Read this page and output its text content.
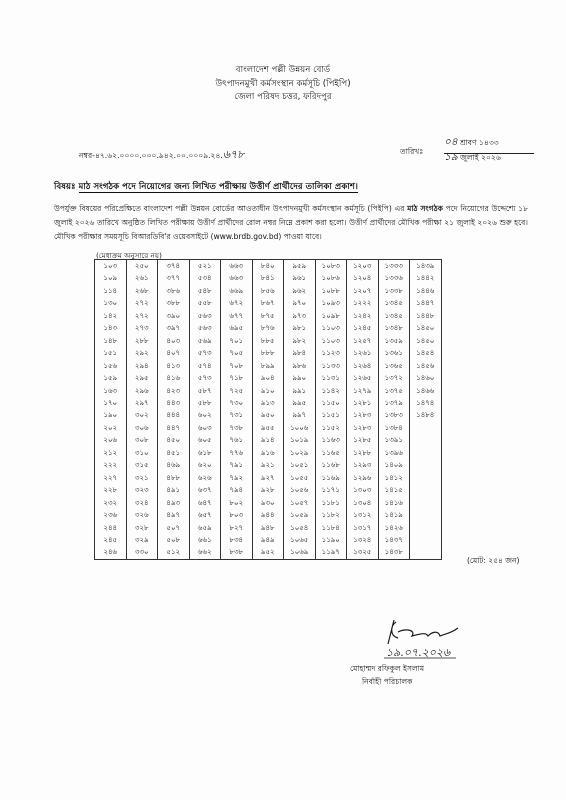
বাংলাদেশ পল্লী উন্নয়ন বোর্ড
উৎপাদনমুখী কর্মসংস্থান কর্মসূচি (পিইপি)
জেলা পরিষদ চত্তর, ফরিদপুর
নম্বর-৪৭.৬২.০০০০.০০০.৯৪২.০০.০০০৯.২৪.৬৭৮	তারিখঃ
০৪ শ্রাবণ ১৪৩৩
১৯ জুলাই ২০২৬
বিষয়ঃ মাঠ সংগঠক পদে নিয়োগের জন্য লিখিত পরীক্ষায় উত্তীর্ণ প্রার্থীদের তালিকা প্রকাশ।
উপর্যুক্ত বিষয়ের পরিপ্রেক্ষিতে বাংলাদেশ পল্লী উন্নয়ন বোর্ডের আওতাধীন উৎপাদনমুখী কর্মসংস্থান কর্মসূচি (পিইপি) এর মাঠ সংগঠক পদে নিয়োগের উদ্দেশ্যে ১৮ জুলাই ২০২৬ তারিখে অনুষ্ঠিত লিখিত পরীক্ষায় উত্তীর্ণ প্রার্থীদের রোল নম্বর নিম্নে প্রকাশ করা হলো। উত্তীর্ণ প্রার্থীদের মৌখিক পরীক্ষা ২১ জুলাই ২০২৬ শুরু হবে। মৌখিক পরীক্ষার সময়সূচি বিআরডিবি'র ওয়েবসাইটে (www.brdb.gov.bd) পাওয়া যাবে।
(মেধাক্রম অনুসারে নয়)
১০৩	২৫০	৩৭৪	৫২১	৬৬৩	৮৪০	৯৫৯	১০৮৩	১২০৩	১৩৩৩	১৪৩৯
১০৯	২৬১	৩৭৭	৫৩৪	৬৬৩	৮৪১	৯৬১	১০৮৬	১২০৪	১৩৩৬	১৪৪২
১১৪	২৬৮	৩৮৬	৫৪৮	৬৬৯	৮৫৬	৯৬২	১০৮৮	১২০৭	১৩৩৮	১৪৪৬
১৩০	২৭২	৩৮৮	৫৫৮	৬৭২	৮৬৭	৯৭০	১০৯৩	১২২২	১৩৪৫	১৪৪৭
১৪২	২৭২	৩৯০	৫৬৩	৬৭৭	৮৭৫	৯৭৩	১০৯৮	১২৪২	১৩৪৫	১৪৪৮
১৪৩	২৭৩	৩৯৭	৫৬৩	৬৯৫	৮৭৬	৯৮১	১১০৩	১২৪৫	১৩৪৮	১৪৫০
১৪৮	২৮৮	৪০৩	৫৬৯	৭০১	৮৮৫	৯৮২	১১০৩	১২৫৭	১৩৫৯	১৪৫০
১৫১	২৯২	৪০৭	৫৭৩	৭০৫	৮৮৮	৯৮৪	১১২৩	১২৬১	১৩৬১	১৪৫৪
১৫৬	২৯৪	৪১৩	৫৭৪	৭০৮	৮৯৯	৯৮৬	১১৩৩	১২৬৪	১৩৬৫	১৪৫৬
১৫৯	২৯৫	৪১৬	৫৭৩	৭১৮	৯০৪	৯৯০	১১৩১	১২৬৫	১৩৭২	১৪৬০
১৬৩	২৯৬	৪২৩	৫৮৭	৭২৫	৯১০	৯৯১	১১৪২	১২৭৯	১৩৭৫	১৪৬৬
১৭০	২৯৭	৪৪৩	৫৮৮	৭৩০	৯১৩	৯৯৫	১১৫০	১২৮১	১৩৭৯	১৪৭৪
১৯০	৩০২	৪৪৪	৬০২	৭৩১	৯৫০	৯৯৭	১১৫১	১২৮৩	১৩৮৩	১৪৮৪
২০২	৩০৬	৪৪৭	৬০৩	৭৩৮	৯৫৫	১০০৬	১১৫২	১২৮৩	১৩৮৪	
২০৬	৩০৮	৪৫০	৬০৫	৭৬১	৯১৪	১০১৯	১১৬৩	১২৮৫	১৩৯১	
২১২	৩১০	৪৫১	৬১৮	৭৭৬	৯১৬	১০২৯	১১৬৫	১২৮৮	১৩৯৬	
২২২	৩১৫	৪৬৯	৬২০	৭৯১	৯২১	১০৫১	১১৬৮	১২৯৩	১৪০৯	
২২৭	৩২১	৪৮৮	৬২৬	৭৯২	৯২৭	১০৫৫	১১৬৯	১২৯৬	১৪১২	
২২৮	৩২৩	৪৯১	৬৩৭	৭৯৪	৯২৮	১০৫৬	১১৭১	১৩০৩	১৪১৫	
২৩২	৩২৪	৪৯৩	৬৪৭	৮০২	৯৩০	১০৫৭	১১৮১	১৩০৪	১৪১৬	
২৩৬	৩২৬	৪৯৭	৬৫৭	৮০৩	৯৪৪	১০৫৯	১১৮২	১৩১২	১৪১৯	
২৪৪	৩২৮	৫০৭	৬৫৯	৮২৭	৯৪৮	১০৫৪	১১৮৪	১৩১৭	১৪২৬	
২৪৫	৩২৯	৫০৮	৬৬১	৮৩৪	৯৪৯	১০৬৫	১১৯০	১৩২৪	১৪৩৭	
২৪৬	৩৩০	৫১২	৬৬২	৮৩৮	৯৫২	১০৬৯	১১৯৭	১৩২৫	১৪৩৮	
(মোট: ২৫৪ জন)
১৯.০৭.২০২৬
মোহাম্মদ রফিকুল ইসলাম
নির্বাহী পরিচালক
